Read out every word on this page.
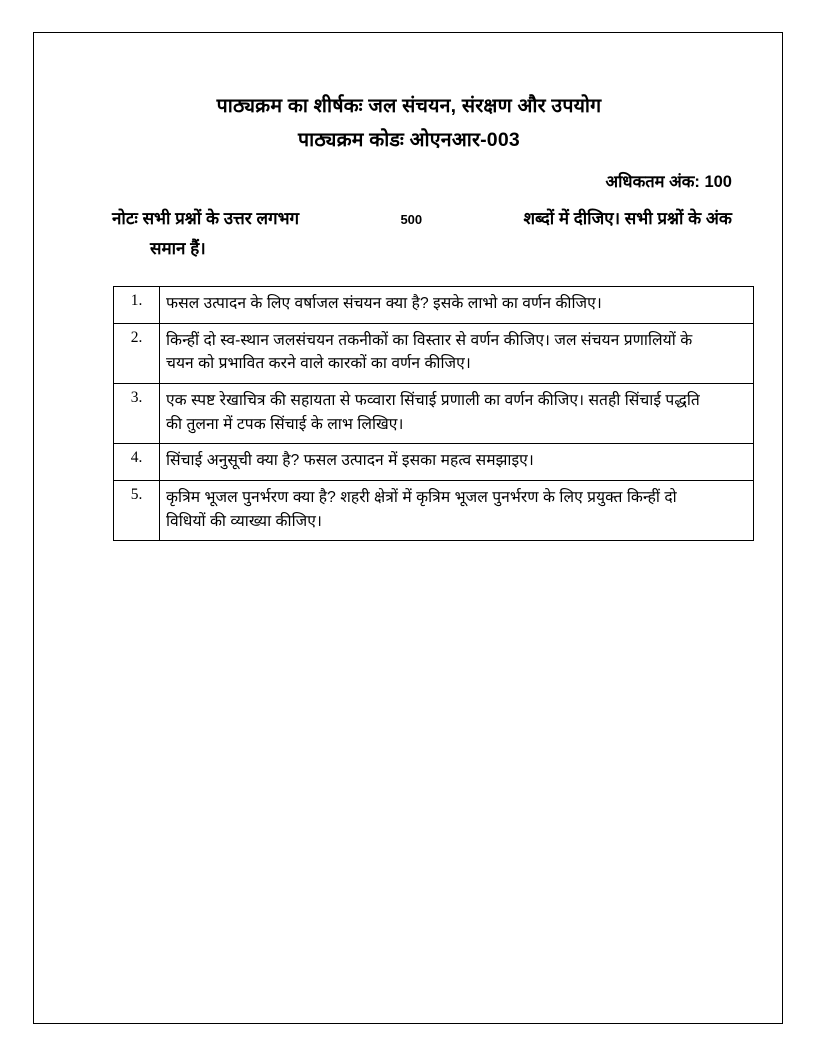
पाठ्यक्रम का शीर्षकः जल संचयन, संरक्षण और उपयोग
पाठ्यक्रम कोडः ओएनआर-003
अधिकतम अंक: 100
नोटः सभी प्रश्नों के उत्तर लगभग	500	शब्दों में दीजिए। सभी प्रश्नों के अंक
समान हैं।
1.	फसल उत्पादन के लिए वर्षाजल संचयन क्या है? इसके लाभो का वर्णन कीजिए।

2.	किन्हीं दो स्व-स्थान जलसंचयन तकनीकों का विस्तार से वर्णन कीजिए। जल संचयन प्रणालियों के
चयन को प्रभावित करने वाले कारकों का वर्णन कीजिए।

3.	एक स्पष्ट रेखाचित्र की सहायता से फव्वारा सिंचाई प्रणाली का वर्णन कीजिए। सतही सिंचाई पद्धति
की तुलना में टपक सिंचाई के लाभ लिखिए।

4.	सिंचाई अनुसूची क्या है? फसल उत्पादन में इसका महत्व समझाइए।

5.	कृत्रिम भूजल पुनर्भरण क्या है? शहरी क्षेत्रों में कृत्रिम भूजल पुनर्भरण के लिए प्रयुक्त किन्हीं दो
विधियों की व्याख्या कीजिए।
